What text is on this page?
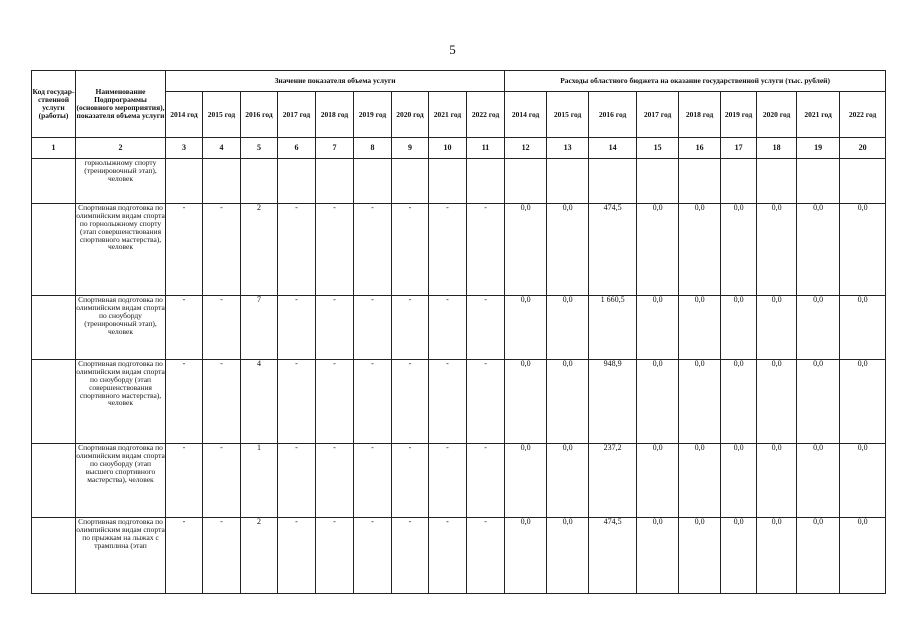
5
Код государ-ственной услуги (работы)	Наименование Подпрограммы (основного мероприятия), показателя объема услуги	Значение показателя объема услуги									Расходы областного бюджета на оказание государственной услуги (тыс. рублей)								
		2014 год	2015 год	2016 год	2017 год	2018 год	2019 год	2020 год	2021 год	2022 год	2014 год	2015 год	2016 год	2017 год	2018 год	2019 год	2020 год	2021 год	2022 год
1	2	3	4	5	6	7	8	9	10	11	12	13	14	15	16	17	18	19	20
	горнолыжному спорту (тренировочный этап), человек																		
	Спортивная подготовка по олимпийским видам спорта по горнолыжному спорту (этап совершенствования спортивного мастерства), человек	-	-	2	-	-	-	-	-	-	0,0	0,0	474,5	0,0	0,0	0,0	0,0	0,0	0,0
	Спортивная подготовка по олимпийским видам спорта по сноуборду (тренировочный этап), человек	-	-	7	-	-	-	-	-	-	0,0	0,0	1 660,5	0,0	0,0	0,0	0,0	0,0	0,0
	Спортивная подготовка по олимпийским видам спорта по сноуборду (этап совершенствования спортивного мастерства), человек	-	-	4	-	-	-	-	-	-	0,0	0,0	948,9	0,0	0,0	0,0	0,0	0,0	0,0
	Спортивная подготовка по олимпийским видам спорта по сноуборду (этап высшего спортивного мастерства), человек	-	-	1	-	-	-	-	-	-	0,0	0,0	237,2	0,0	0,0	0,0	0,0	0,0	0,0
	Спортивная подготовка по олимпийским видам спорта по прыжкам на лыжах с трамплина (этап	-	-	2	-	-	-	-	-	-	0,0	0,0	474,5	0,0	0,0	0,0	0,0	0,0	0,0
